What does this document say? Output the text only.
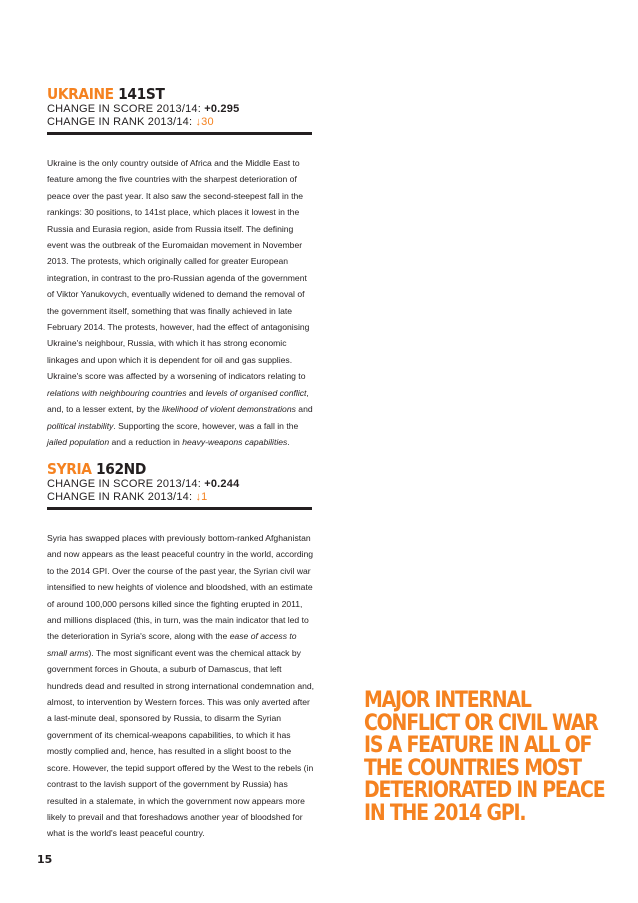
UKRAINE 141ST
CHANGE IN SCORE 2013/14: +0.295
CHANGE IN RANK 2013/14: ↓30

Ukraine is the only country outside of Africa and the Middle East to feature among the five countries with the sharpest deterioration of peace over the past year. It also saw the second-steepest fall in the rankings: 30 positions, to 141st place, which places it lowest in the Russia and Eurasia region, aside from Russia itself. The defining event was the outbreak of the Euromaidan movement in November 2013. The protests, which originally called for greater European integration, in contrast to the pro-Russian agenda of the government of Viktor Yanukovych, eventually widened to demand the removal of the government itself, something that was finally achieved in late February 2014. The protests, however, had the effect of antagonising Ukraine's neighbour, Russia, with which it has strong economic linkages and upon which it is dependent for oil and gas supplies. Ukraine's score was affected by a worsening of indicators relating to relations with neighbouring countries and levels of organised conflict, and, to a lesser extent, by the likelihood of violent demonstrations and political instability. Supporting the score, however, was a fall in the jailed population and a reduction in heavy-weapons capabilities.

SYRIA 162ND
CHANGE IN SCORE 2013/14: +0.244
CHANGE IN RANK 2013/14: ↓1

Syria has swapped places with previously bottom-ranked Afghanistan and now appears as the least peaceful country in the world, according to the 2014 GPI. Over the course of the past year, the Syrian civil war intensified to new heights of violence and bloodshed, with an estimate of around 100,000 persons killed since the fighting erupted in 2011, and millions displaced (this, in turn, was the main indicator that led to the deterioration in Syria's score, along with the ease of access to small arms). The most significant event was the chemical attack by government forces in Ghouta, a suburb of Damascus, that left hundreds dead and resulted in strong international condemnation and, almost, to intervention by Western forces. This was only averted after a last-minute deal, sponsored by Russia, to disarm the Syrian government of its chemical-weapons capabilities, to which it has mostly complied and, hence, has resulted in a slight boost to the score. However, the tepid support offered by the West to the rebels (in contrast to the lavish support of the government by Russia) has resulted in a stalemate, in which the government now appears more likely to prevail and that foreshadows another year of bloodshed for what is the world's least peaceful country.

MAJOR INTERNAL
CONFLICT OR CIVIL WAR
IS A FEATURE IN ALL OF
THE COUNTRIES MOST
DETERIORATED IN PEACE
IN THE 2014 GPI.
15
